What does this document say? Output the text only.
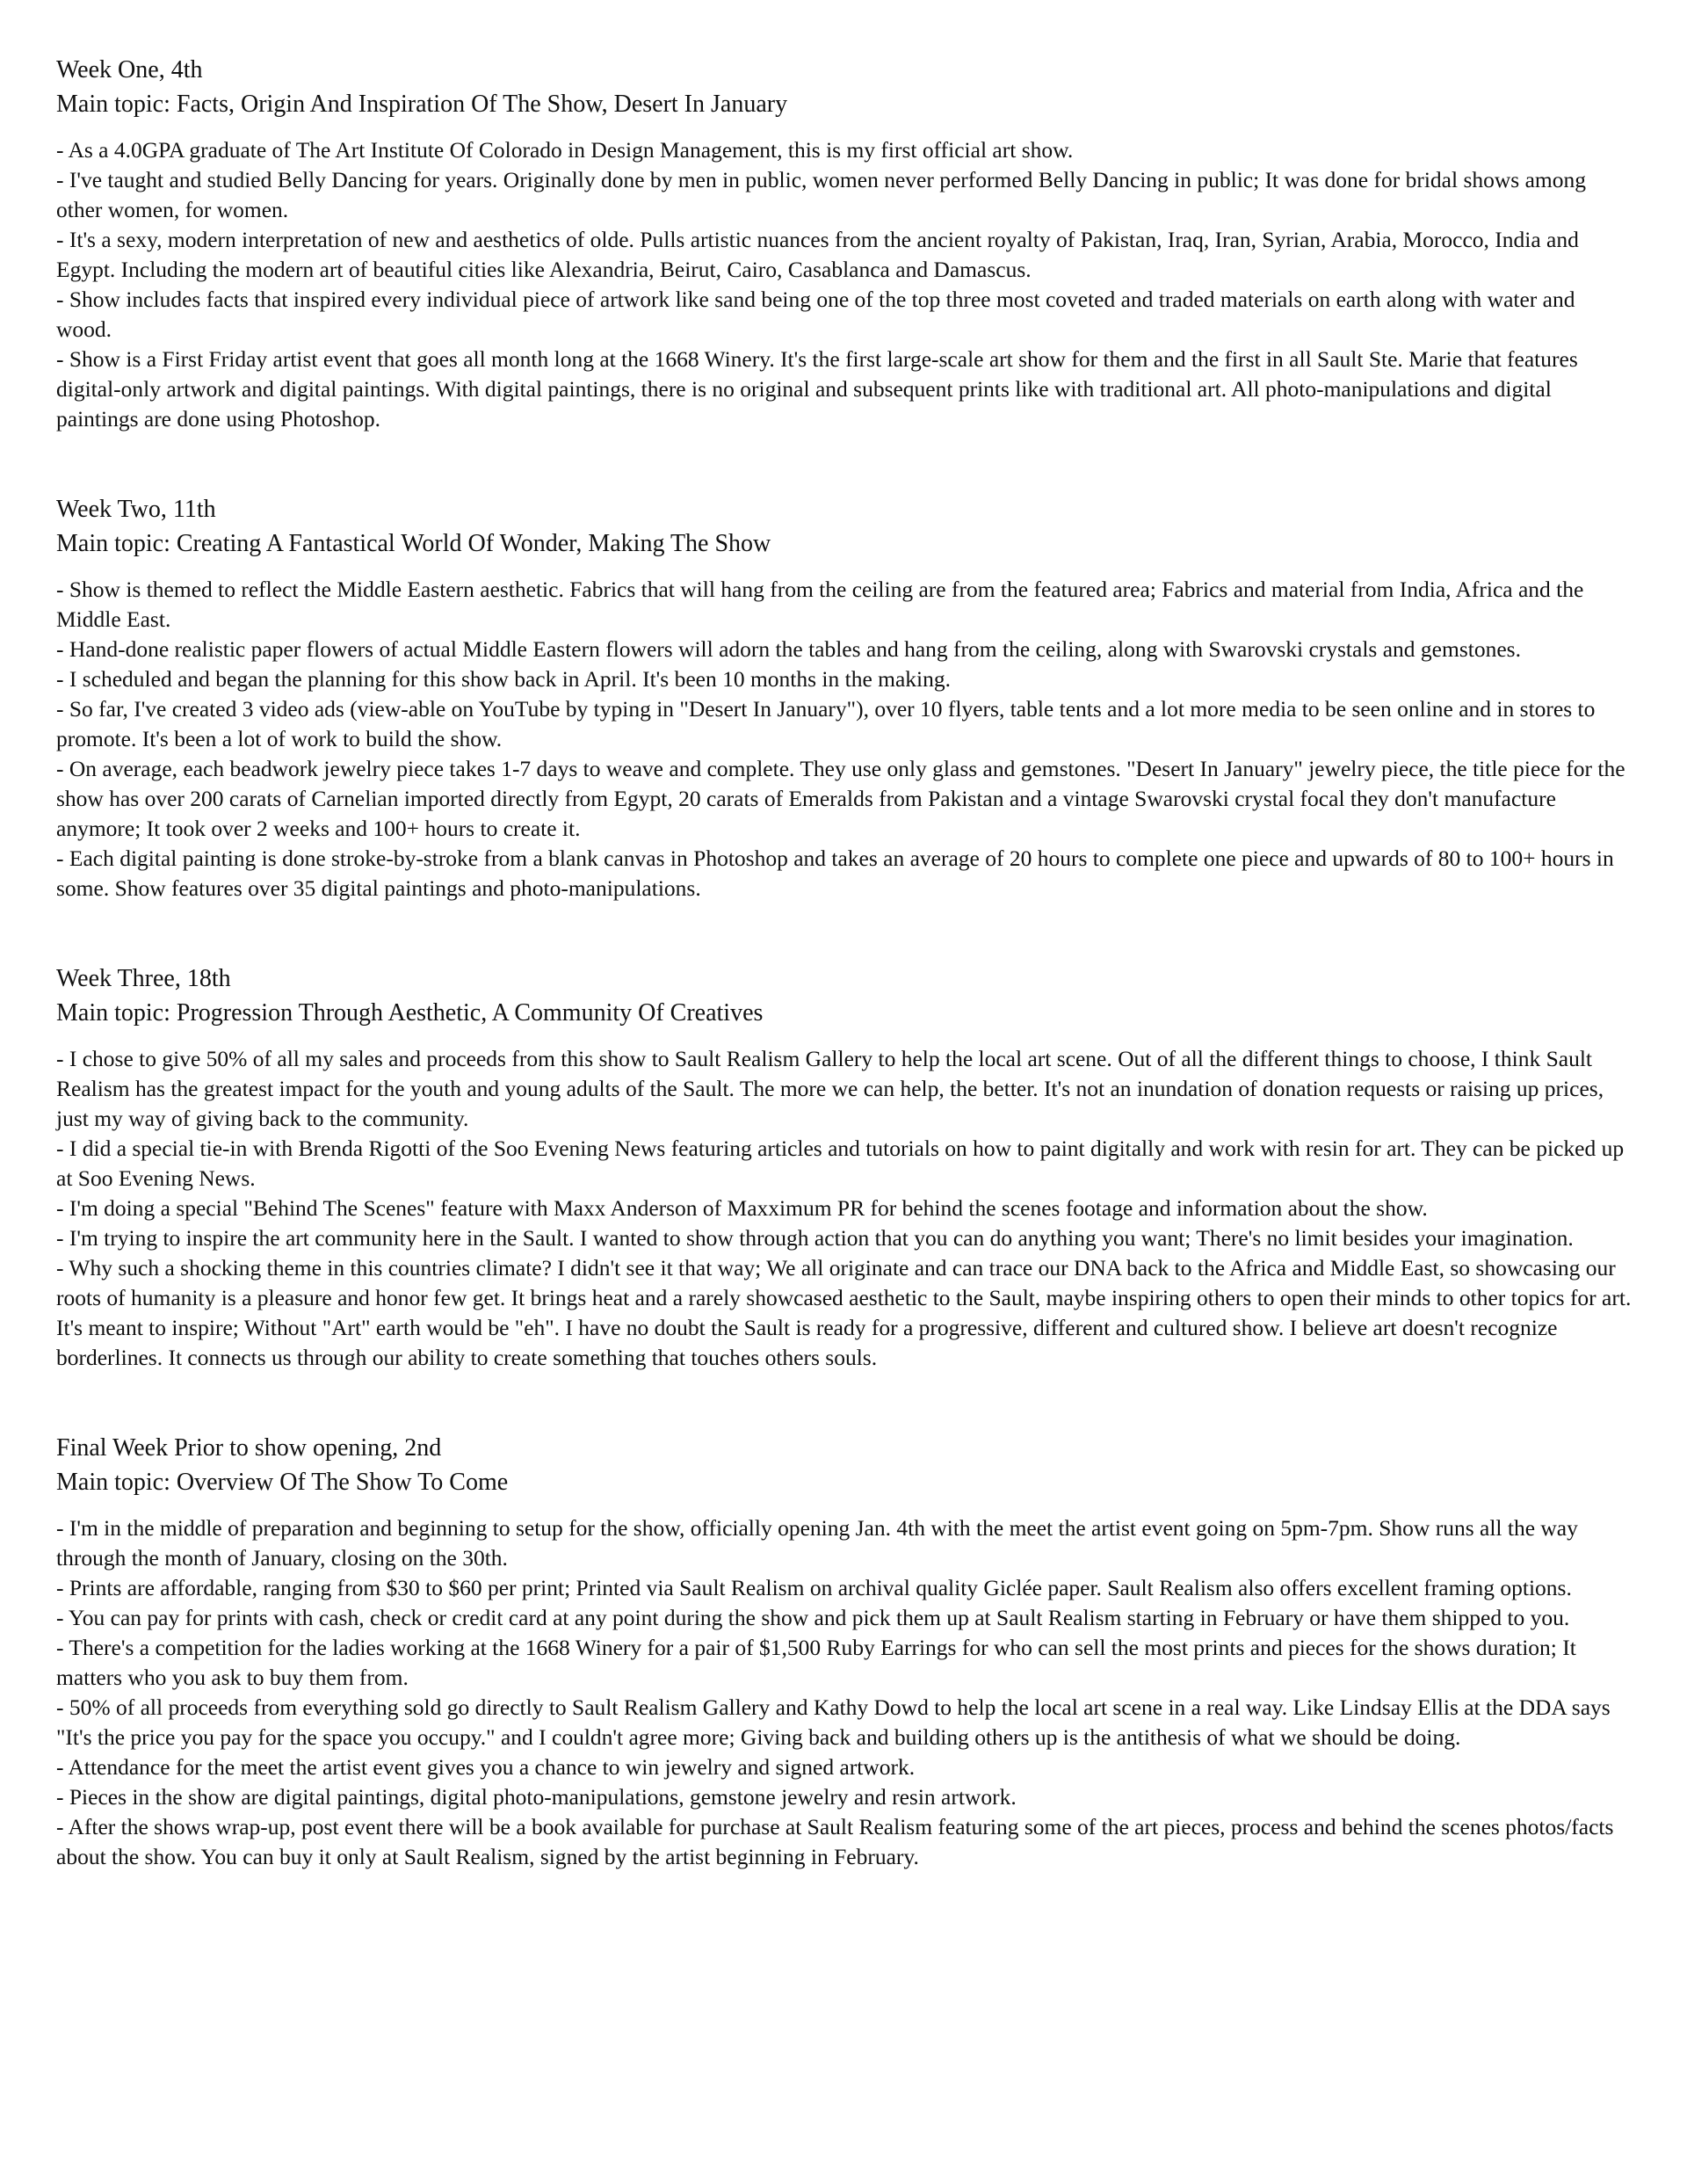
Week One, 4th

Main topic: Facts, Origin And Inspiration Of The Show, Desert In January

- As a 4.0GPA graduate of The Art Institute Of Colorado in Design Management, this is my first official art show.
- I've taught and studied Belly Dancing for years. Originally done by men in public, women never performed Belly Dancing in public; It was done for bridal shows among other women, for women.
- It's a sexy, modern interpretation of new and aesthetics of olde. Pulls artistic nuances from the ancient royalty of Pakistan, Iraq, Iran, Syrian, Arabia, Morocco, India and Egypt. Including the modern art of beautiful cities like Alexandria, Beirut, Cairo, Casablanca and Damascus.
- Show includes facts that inspired every individual piece of artwork like sand being one of the top three most coveted and traded materials on earth along with water and wood.
- Show is a First Friday artist event that goes all month long at the 1668 Winery. It's the first large-scale art show for them and the first in all Sault Ste. Marie that features digital-only artwork and digital paintings. With digital paintings, there is no original and subsequent prints like with traditional art. All photo-manipulations and digital paintings are done using Photoshop.

Week Two, 11th

Main topic: Creating A Fantastical World Of Wonder, Making The Show

- Show is themed to reflect the Middle Eastern aesthetic. Fabrics that will hang from the ceiling are from the featured area; Fabrics and material from India, Africa and the Middle East.
- Hand-done realistic paper flowers of actual Middle Eastern flowers will adorn the tables and hang from the ceiling, along with Swarovski crystals and gemstones.
- I scheduled and began the planning for this show back in April. It's been 10 months in the making.
- So far, I've created 3 video ads (view-able on YouTube by typing in "Desert In January"), over 10 flyers, table tents and a lot more media to be seen online and in stores to promote. It's been a lot of work to build the show.
- On average, each beadwork jewelry piece takes 1-7 days to weave and complete. They use only glass and gemstones. "Desert In January" jewelry piece, the title piece for the show has over 200 carats of Carnelian imported directly from Egypt, 20 carats of Emeralds from Pakistan and a vintage Swarovski crystal focal they don't manufacture anymore; It took over 2 weeks and 100+ hours to create it.
- Each digital painting is done stroke-by-stroke from a blank canvas in Photoshop and takes an average of 20 hours to complete one piece and upwards of 80 to 100+ hours in some. Show features over 35 digital paintings and photo-manipulations.

Week Three, 18th

Main topic: Progression Through Aesthetic, A Community Of Creatives

- I chose to give 50% of all my sales and proceeds from this show to Sault Realism Gallery to help the local art scene. Out of all the different things to choose, I think Sault Realism has the greatest impact for the youth and young adults of the Sault. The more we can help, the better. It's not an inundation of donation requests or raising up prices, just my way of giving back to the community.
- I did a special tie-in with Brenda Rigotti of the Soo Evening News featuring articles and tutorials on how to paint digitally and work with resin for art. They can be picked up at Soo Evening News.
- I'm doing a special "Behind The Scenes" feature with Maxx Anderson of Maxximum PR for behind the scenes footage and information about the show.
- I'm trying to inspire the art community here in the Sault. I wanted to show through action that you can do anything you want; There's no limit besides your imagination.
- Why such a shocking theme in this countries climate? I didn't see it that way; We all originate and can trace our DNA back to the Africa and Middle East, so showcasing our roots of humanity is a pleasure and honor few get. It brings heat and a rarely showcased aesthetic to the Sault, maybe inspiring others to open their minds to other topics for art. It's meant to inspire; Without "Art" earth would be "eh". I have no doubt the Sault is ready for a progressive, different and cultured show. I believe art doesn't recognize borderlines. It connects us through our ability to create something that touches others souls.

Final Week Prior to show opening, 2nd

Main topic: Overview Of The Show To Come

- I'm in the middle of preparation and beginning to setup for the show, officially opening Jan. 4th with the meet the artist event going on 5pm-7pm. Show runs all the way through the month of January, closing on the 30th.
- Prints are affordable, ranging from $30 to $60 per print; Printed via Sault Realism on archival quality Giclée paper. Sault Realism also offers excellent framing options.
- You can pay for prints with cash, check or credit card at any point during the show and pick them up at Sault Realism starting in February or have them shipped to you.
- There's a competition for the ladies working at the 1668 Winery for a pair of $1,500 Ruby Earrings for who can sell the most prints and pieces for the shows duration; It matters who you ask to buy them from.
- 50% of all proceeds from everything sold go directly to Sault Realism Gallery and Kathy Dowd to help the local art scene in a real way. Like Lindsay Ellis at the DDA says "It's the price you pay for the space you occupy." and I couldn't agree more; Giving back and building others up is the antithesis of what we should be doing.
- Attendance for the meet the artist event gives you a chance to win jewelry and signed artwork.
- Pieces in the show are digital paintings, digital photo-manipulations, gemstone jewelry and resin artwork.
- After the shows wrap-up, post event there will be a book available for purchase at Sault Realism featuring some of the art pieces, process and behind the scenes photos/facts about the show. You can buy it only at Sault Realism, signed by the artist beginning in February.
